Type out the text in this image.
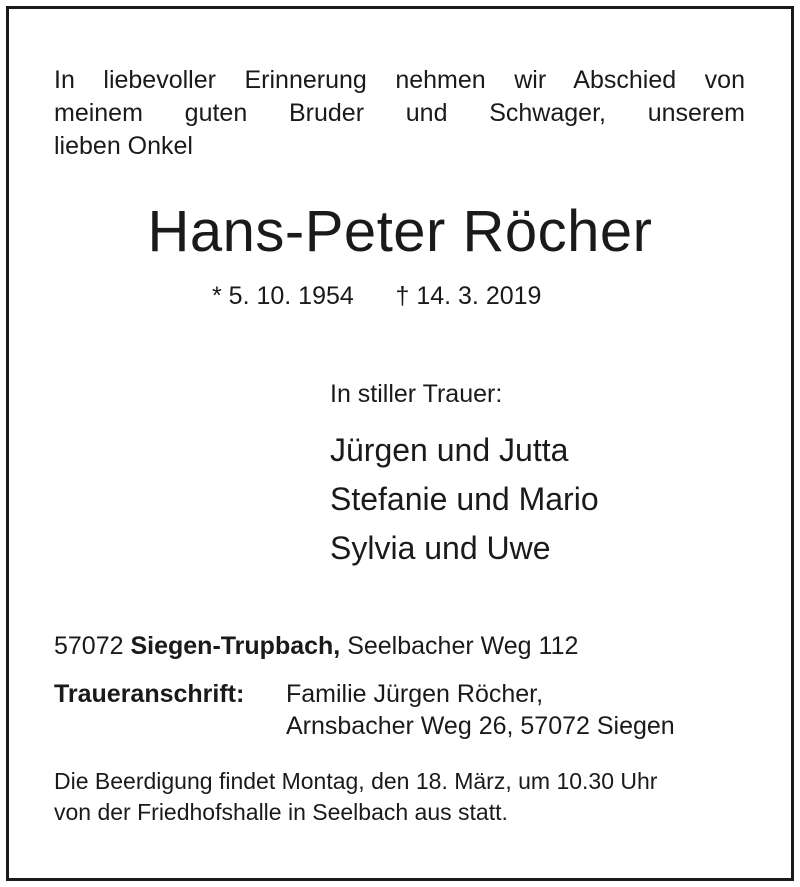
In liebevoller Erinnerung nehmen wir Abschied von
meinem guten Bruder und Schwager, unserem
lieben Onkel
Hans-Peter Röcher
* 5. 10. 1954 † 14. 3. 2019
In stiller Trauer:
Jürgen und Jutta
Stefanie und Mario
Sylvia und Uwe
57072 Siegen-Trupbach, Seelbacher Weg 112
Traueranschrift: Familie Jürgen Röcher,
Arnsbacher Weg 26, 57072 Siegen
Die Beerdigung findet Montag, den 18. März, um 10.30 Uhr
von der Friedhofshalle in Seelbach aus statt.
